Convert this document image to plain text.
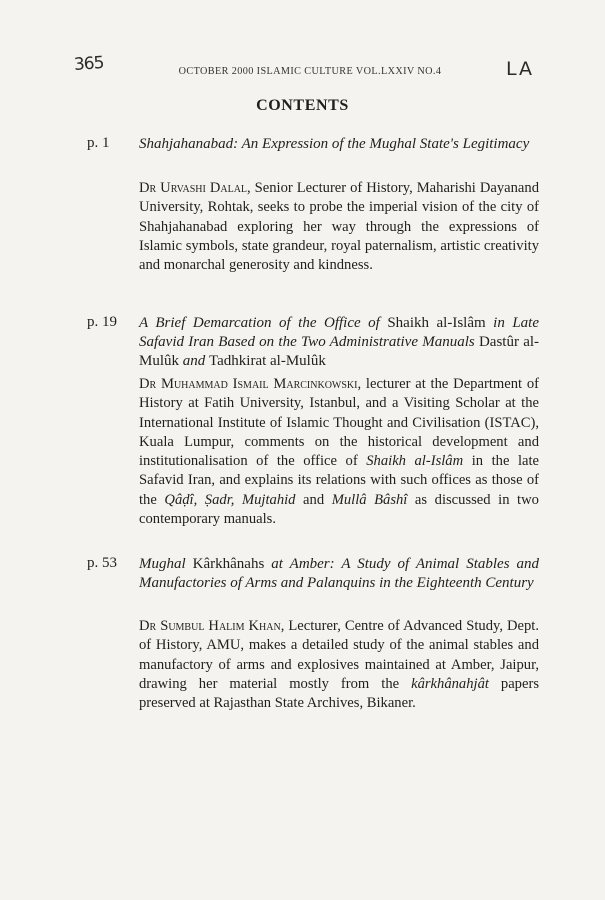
365	LA
OCTOBER 2000 ISLAMIC CULTURE VOL.LXXIV NO.4
CONTENTS
p. 1 Shahjahanabad: An Expression of the Mughal State's Legitimacy
Dr Urvashi Dalal, Senior Lecturer of History, Maharishi Dayanand University, Rohtak, seeks to probe the imperial vision of the city of Shahjahanabad exploring her way through the expressions of Islamic symbols, state grandeur, royal paternalism, artistic creativity and monarchal generosity and kindness.
p. 19 A Brief Demarcation of the Office of Shaikh al-Islâm in Late Safavid Iran Based on the Two Administrative Manuals Dastûr al-Mulûk and Tadhkirat al-Mulûk
Dr Muhammad Ismail Marcinkowski, lecturer at the Department of History at Fatih University, Istanbul, and a Visiting Scholar at the International Institute of Islamic Thought and Civilisation (ISTAC), Kuala Lumpur, comments on the historical development and institutionalisation of the office of Shaikh al-Islâm in the late Safavid Iran, and explains its relations with such offices as those of the Qâḍî, Ṣadr, Mujtahid and Mullâ Bâshî as discussed in two contemporary manuals.
p. 53 Mughal Kârkhânahs at Amber: A Study of Animal Stables and Manufactories of Arms and Palanquins in the Eighteenth Century
Dr Sumbul Halim Khan, Lecturer, Centre of Advanced Study, Dept. of History, AMU, makes a detailed study of the animal stables and manufactory of arms and explosives maintained at Amber, Jaipur, drawing her material mostly from the kârkhânahjât papers preserved at Rajasthan State Archives, Bikaner.
